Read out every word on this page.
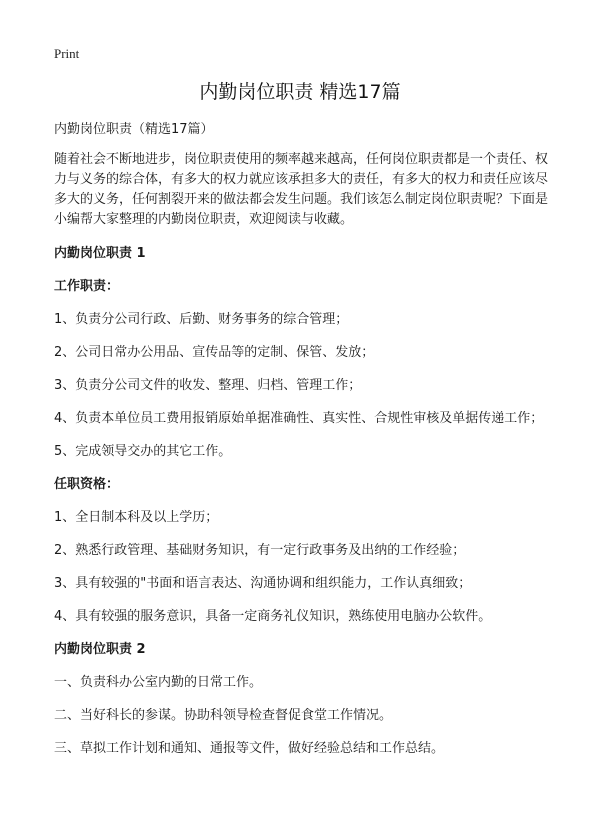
Print
内勤岗位职责 精选17篇

内勤岗位职责（精选17篇）

随着社会不断地进步，岗位职责使用的频率越来越高，任何岗位职责都是一个责任、权力与义务的综合体，有多大的权力就应该承担多大的责任，有多大的权力和责任应该尽多大的义务，任何割裂开来的做法都会发生问题。我们该怎么制定岗位职责呢？下面是小编帮大家整理的内勤岗位职责，欢迎阅读与收藏。

内勤岗位职责 1

工作职责：

1、负责分公司行政、后勤、财务事务的综合管理；

2、公司日常办公用品、宣传品等的定制、保管、发放；

3、负责分公司文件的收发、整理、归档、管理工作；

4、负责本单位员工费用报销原始单据准确性、真实性、合规性审核及单据传递工作；

5、完成领导交办的其它工作。

任职资格：

1、全日制本科及以上学历；

2、熟悉行政管理、基础财务知识，有一定行政事务及出纳的工作经验；

3、具有较强的"书面和语言表达、沟通协调和组织能力，工作认真细致；

4、具有较强的服务意识，具备一定商务礼仪知识，熟练使用电脑办公软件。

内勤岗位职责 2

一、负责科办公室内勤的日常工作。

二、当好科长的参谋。协助科领导检查督促食堂工作情况。

三、草拟工作计划和通知、通报等文件，做好经验总结和工作总结。
